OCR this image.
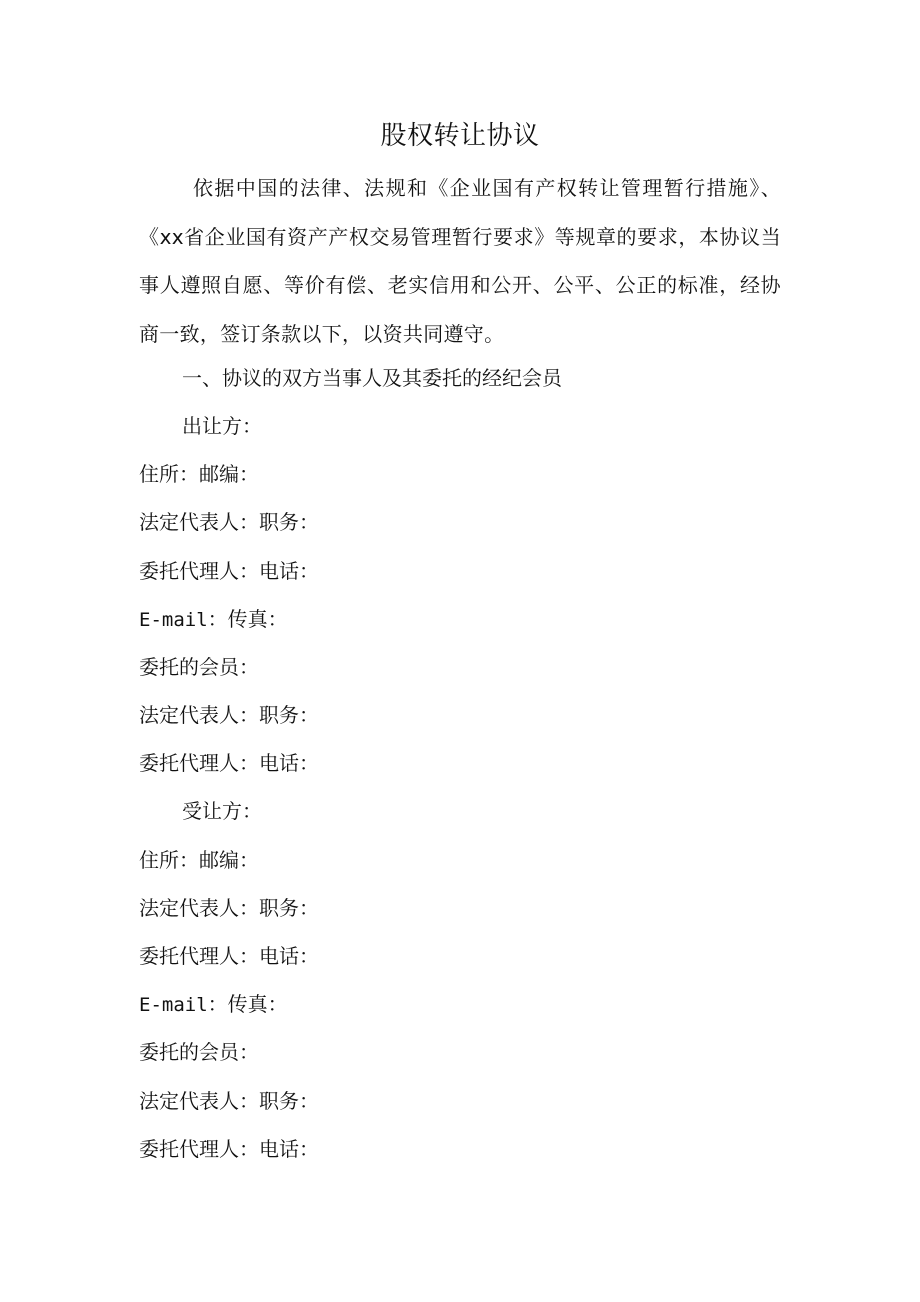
股权转让协议

依据中国的法律、法规和《企业国有产权转让管理暂行措施》、《xx省企业国有资产产权交易管理暂行要求》等规章的要求，本协议当事人遵照自愿、等价有偿、老实信用和公开、公平、公正的标准，经协商一致，签订条款以下，以资共同遵守。

一、协议的双方当事人及其委托的经纪会员

出让方：

住所：邮编：

法定代表人：职务：

委托代理人：电话：

E-mail：传真：

委托的会员：

法定代表人：职务：

委托代理人：电话：

受让方：

住所：邮编：

法定代表人：职务：

委托代理人：电话：

E-mail：传真：

委托的会员：

法定代表人：职务：

委托代理人：电话：
